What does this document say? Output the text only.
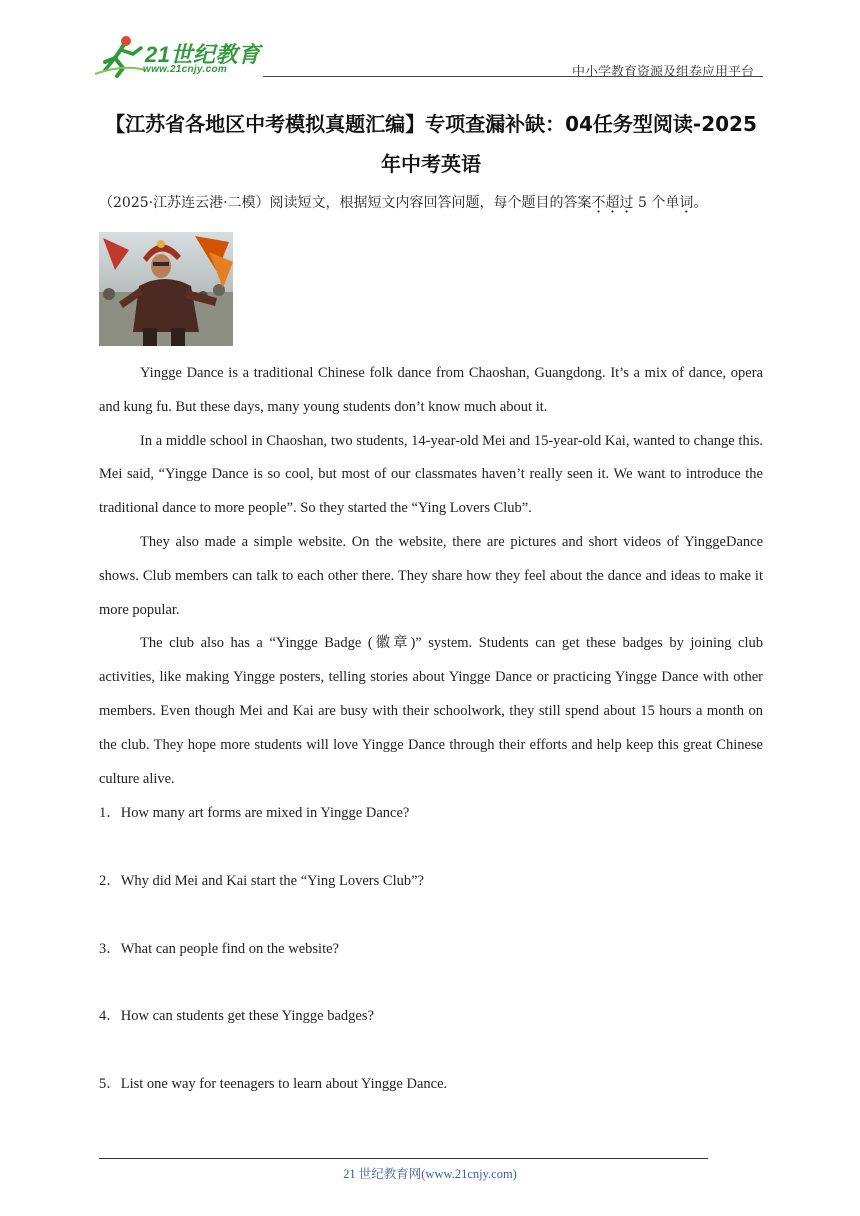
21世纪教育
www.21cnjy.com	中小学教育资源及组卷应用平台
【江苏省各地区中考模拟真题汇编】专项查漏补缺：04任务型阅读-2025年中考英语
（2025·江苏连云港·二模）阅读短文，根据短文内容回答问题，每个题目的答案不超过 5 个单词。

Yingge Dance is a traditional Chinese folk dance from Chaoshan, Guangdong. It’s a mix of dance, opera and kung fu. But these days, many young students don’t know much about it.

In a middle school in Chaoshan, two students, 14-year-old Mei and 15-year-old Kai, wanted to change this. Mei said, “Yingge Dance is so cool, but most of our classmates haven’t really seen it. We want to introduce the traditional dance to more people”. So they started the “Ying Lovers Club”.

They also made a simple website. On the website, there are pictures and short videos of YinggeDance shows. Club members can talk to each other there. They share how they feel about the dance and ideas to make it more popular.

The club also has a “Yingge Badge (徽章)” system. Students can get these badges by joining club activities, like making Yingge posters, telling stories about Yingge Dance or practicing Yingge Dance with other members. Even though Mei and Kai are busy with their schoolwork, they still spend about 15 hours a month on the club. They hope more students will love Yingge Dance through their efforts and help keep this great Chinese culture alive.

1．How many art forms are mixed in Yingge Dance?
2．Why did Mei and Kai start the “Ying Lovers Club”?
3．What can people find on the website?
4．How can students get these Yingge badges?
5．List one way for teenagers to learn about Yingge Dance.
21 世纪教育网(www.21cnjy.com)
